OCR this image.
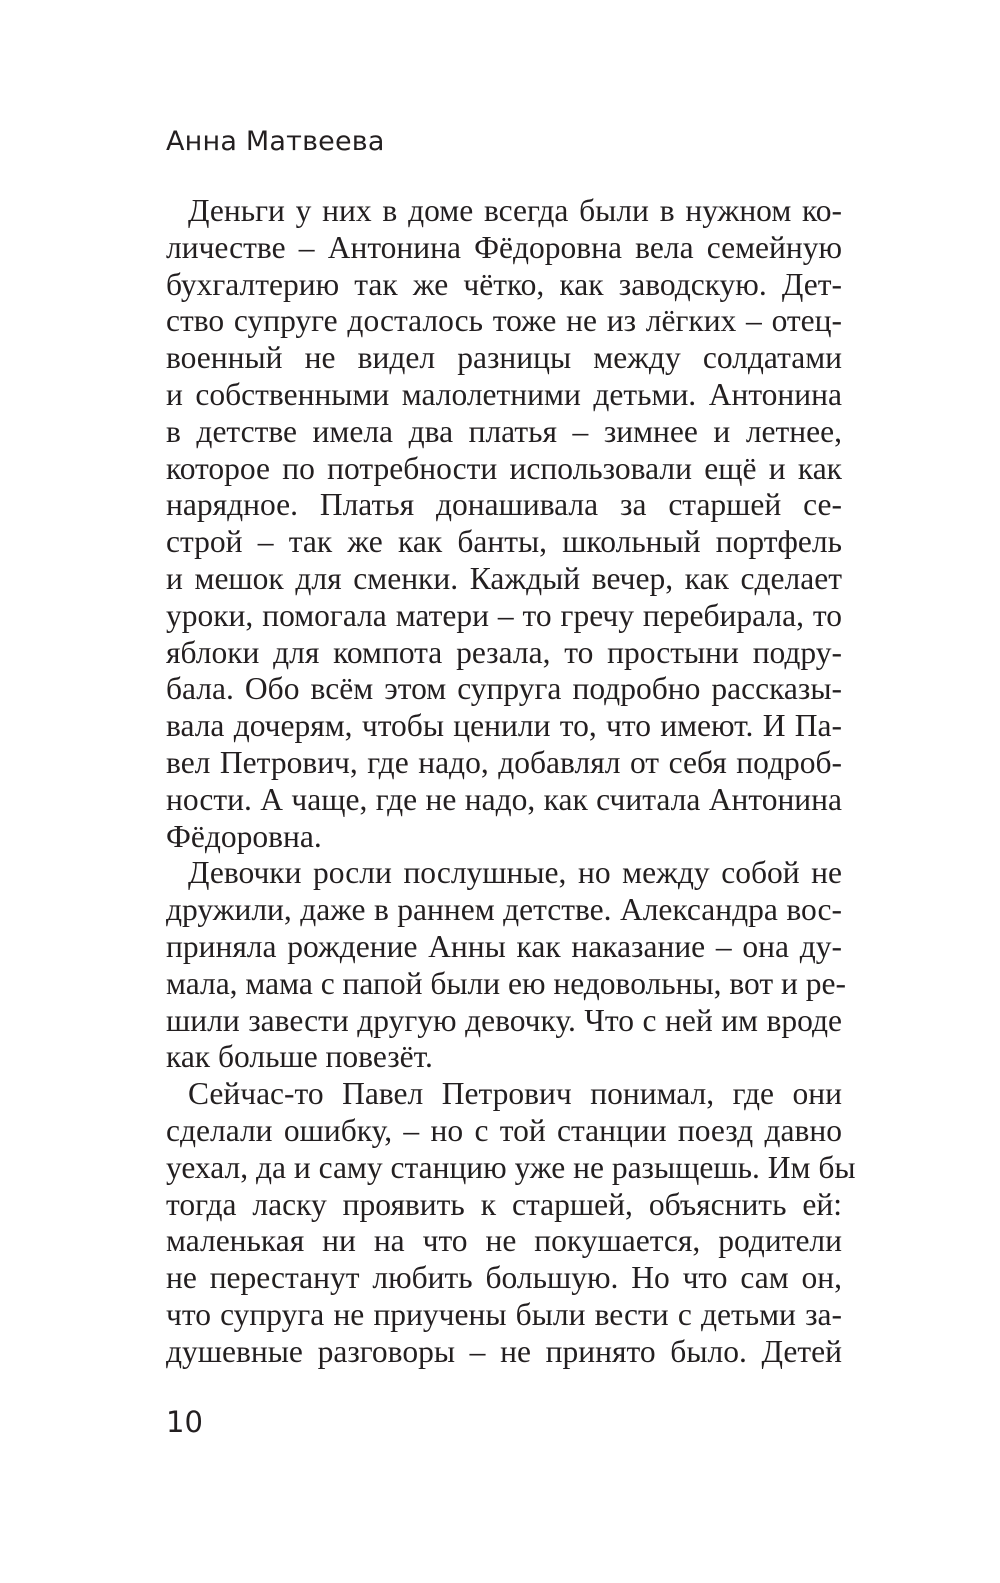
Анна Матвеева
Деньги у них в доме всегда были в нужном ко-
личестве – Антонина Фёдоровна вела семейную
бухгалтерию так же чётко, как заводскую. Дет-
ство супруге досталось тоже не из лёгких – отец-
военный не видел разницы между солдатами
и собственными малолетними детьми. Антонина
в детстве имела два платья – зимнее и летнее,
которое по потребности использовали ещё и как
нарядное. Платья донашивала за старшей се-
строй – так же как банты, школьный портфель
и мешок для сменки. Каждый вечер, как сделает
уроки, помогала матери – то гречу перебирала, то
яблоки для компота резала, то простыни подру-
бала. Обо всём этом супруга подробно рассказы-
вала дочерям, чтобы ценили то, что имеют. И Па-
вел Петрович, где надо, добавлял от себя подроб-
ности. А чаще, где не надо, как считала Антонина
Фёдоровна.
Девочки росли послушные, но между собой не
дружили, даже в раннем детстве. Александра вос-
приняла рождение Анны как наказание – она ду-
мала, мама с папой были ею недовольны, вот и ре-
шили завести другую девочку. Что с ней им вроде
как больше повезёт.
Сейчас-то Павел Петрович понимал, где они
сделали ошибку, – но с той станции поезд давно
уехал, да и саму станцию уже не разыщешь. Им бы
тогда ласку проявить к старшей, объяснить ей:
маленькая ни на что не покушается, родители
не перестанут любить большую. Но что сам он,
что супруга не приучены были вести с детьми за-
душевные разговоры – не принято было. Детей
10
